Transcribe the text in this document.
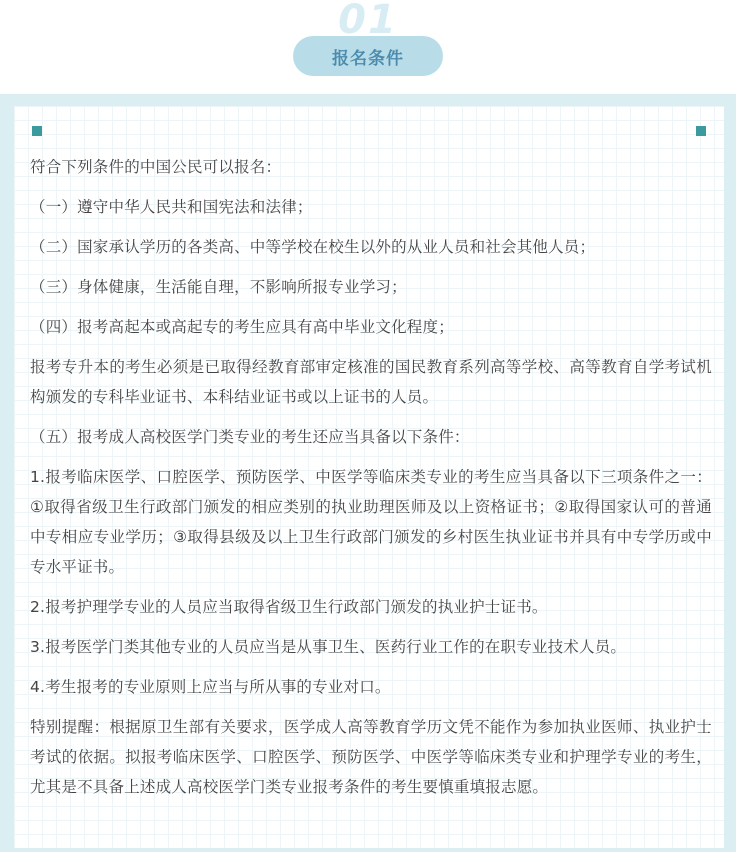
01
报名条件

符合下列条件的中国公民可以报名：

（一）遵守中华人民共和国宪法和法律；

（二）国家承认学历的各类高、中等学校在校生以外的从业人员和社会其他人员；

（三）身体健康，生活能自理，不影响所报专业学习；

（四）报考高起本或高起专的考生应具有高中毕业文化程度；

报考专升本的考生必须是已取得经教育部审定核准的国民教育系列高等学校、高等教育自学考试机构颁发的专科毕业证书、本科结业证书或以上证书的人员。

（五）报考成人高校医学门类专业的考生还应当具备以下条件：

1.报考临床医学、口腔医学、预防医学、中医学等临床类专业的考生应当具备以下三项条件之一：①取得省级卫生行政部门颁发的相应类别的执业助理医师及以上资格证书；②取得国家认可的普通中专相应专业学历；③取得县级及以上卫生行政部门颁发的乡村医生执业证书并具有中专学历或中专水平证书。

2.报考护理学专业的人员应当取得省级卫生行政部门颁发的执业护士证书。

3.报考医学门类其他专业的人员应当是从事卫生、医药行业工作的在职专业技术人员。

4.考生报考的专业原则上应当与所从事的专业对口。

特别提醒：根据原卫生部有关要求，医学成人高等教育学历文凭不能作为参加执业医师、执业护士考试的依据。拟报考临床医学、口腔医学、预防医学、中医学等临床类专业和护理学专业的考生，尤其是不具备上述成人高校医学门类专业报考条件的考生要慎重填报志愿。
